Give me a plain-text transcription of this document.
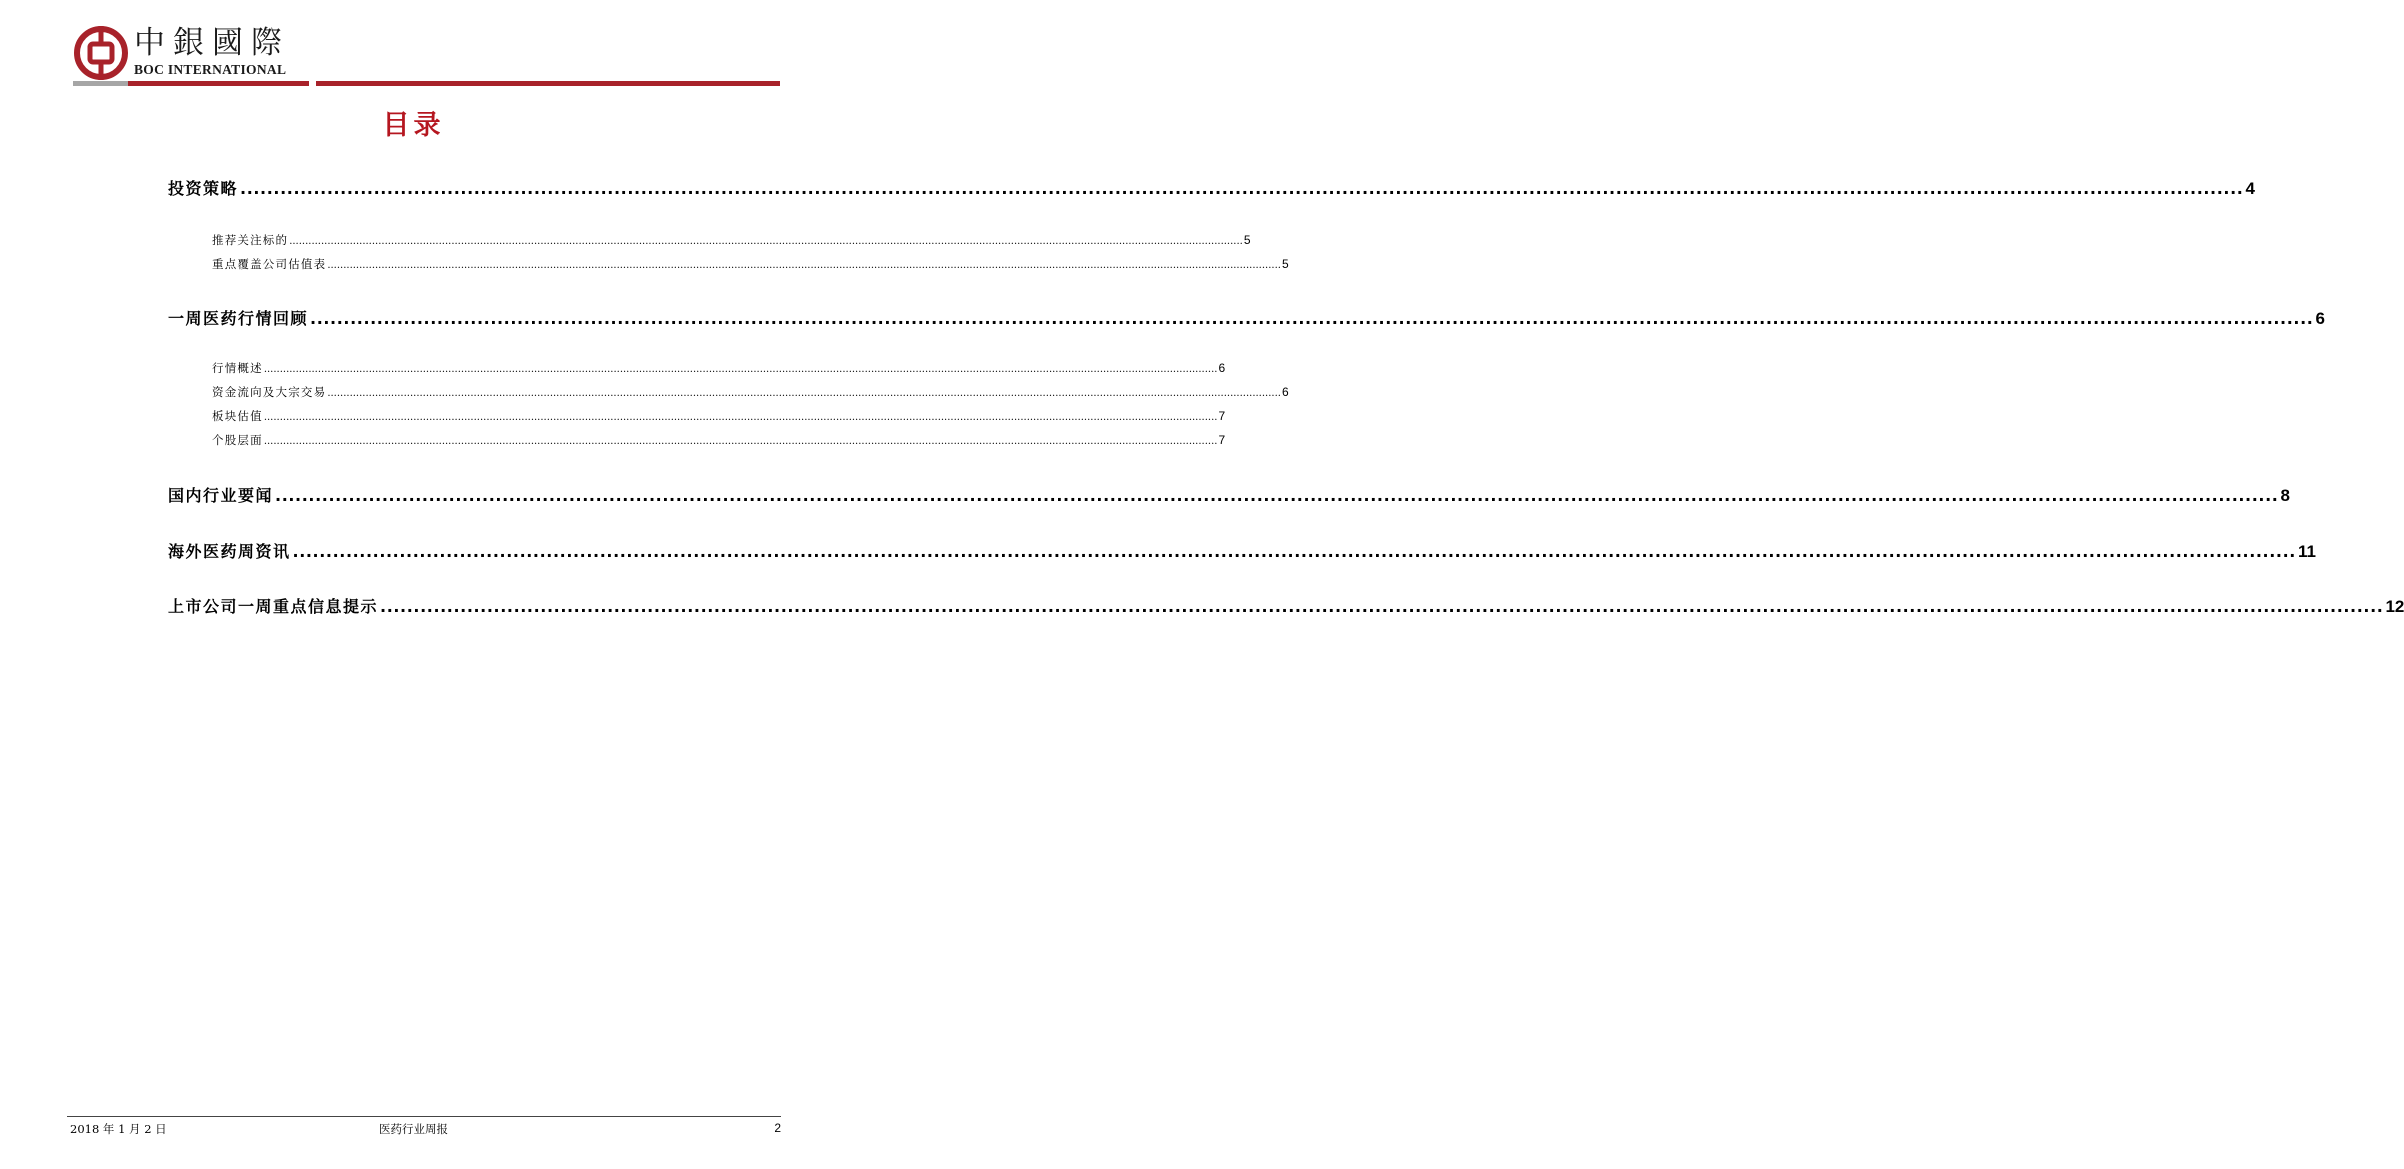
中銀國際
BOC INTERNATIONAL
目录
投资策略 ............................................................................................................................................................................................................................................................................................................ 4
推荐关注标的 ............................................................................................................................................................................................................................................................................................................ 5
重点覆盖公司估值表 ............................................................................................................................................................................................................................................................................................................ 5
一周医药行情回顾 ............................................................................................................................................................................................................................................................................................................ 6
行情概述 ............................................................................................................................................................................................................................................................................................................ 6
资金流向及大宗交易 ............................................................................................................................................................................................................................................................................................................ 6
板块估值 ............................................................................................................................................................................................................................................................................................................ 7
个股层面 ............................................................................................................................................................................................................................................................................................................ 7
国内行业要闻 ............................................................................................................................................................................................................................................................................................................ 8
海外医药周资讯 ............................................................................................................................................................................................................................................................................................................ 11
上市公司一周重点信息提示 ............................................................................................................................................................................................................................................................................................................ 12
2018 年 1 月 2 日	医药行业周报	2
